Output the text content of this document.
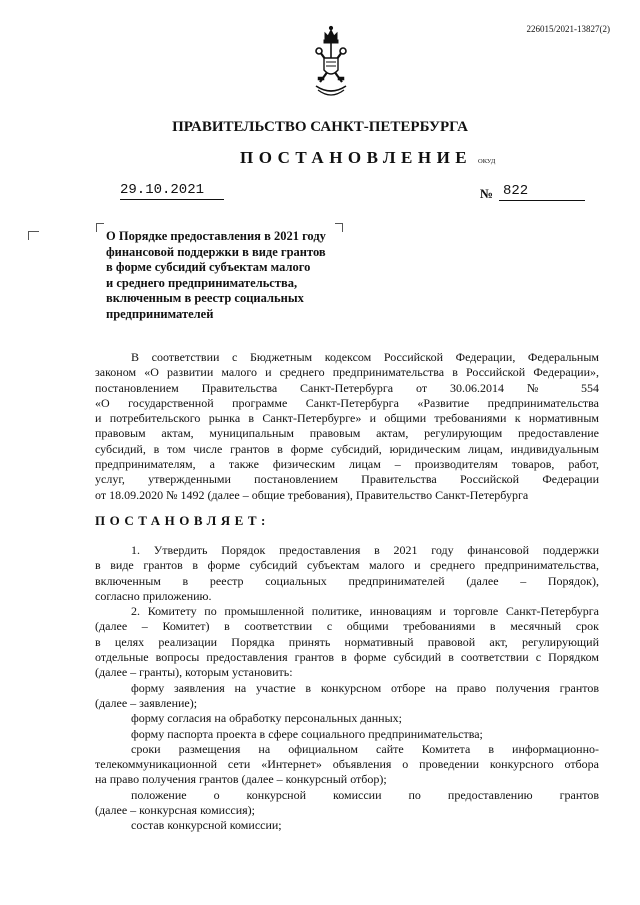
226015/2021-13827(2)
ПРАВИТЕЛЬСТВО САНКТ-ПЕТЕРБУРГА
ПОСТАНОВЛЕНИЕ ОКУД
29.10.2021	№ 822
О Порядке предоставления в 2021 году
финансовой поддержки в виде грантов
в форме субсидий субъектам малого
и среднего предпринимательства,
включенным в реестр социальных
предпринимателей
В соответствии с Бюджетным кодексом Российской Федерации, Федеральным
законом «О развитии малого и среднего предпринимательства в Российской Федерации»,
постановлением Правительства Санкт-Петербурга от 30.06.2014 № 554
«О государственной программе Санкт-Петербурга «Развитие предпринимательства
и потребительского рынка в Санкт-Петербурге» и общими требованиями к нормативным
правовым актам, муниципальным правовым актам, регулирующим предоставление
субсидий, в том числе грантов в форме субсидий, юридическим лицам, индивидуальным
предпринимателям, а также физическим лицам – производителям товаров, работ,
услуг, утвержденными постановлением Правительства Российской Федерации
от 18.09.2020 № 1492 (далее – общие требования), Правительство Санкт-Петербурга
ПОСТАНОВЛЯЕТ:
1. Утвердить Порядок предоставления в 2021 году финансовой поддержки
в виде грантов в форме субсидий субъектам малого и среднего предпринимательства,
включенным в реестр социальных предпринимателей (далее – Порядок),
согласно приложению.
2. Комитету по промышленной политике, инновациям и торговле Санкт-Петербурга
(далее – Комитет) в соответствии с общими требованиями в месячный срок
в целях реализации Порядка принять нормативный правовой акт, регулирующий
отдельные вопросы предоставления грантов в форме субсидий в соответствии с Порядком
(далее – гранты), которым установить:
форму заявления на участие в конкурсном отборе на право получения грантов
(далее – заявление);
форму согласия на обработку персональных данных;
форму паспорта проекта в сфере социального предпринимательства;
сроки размещения на официальном сайте Комитета в информационно-
телекоммуникационной сети «Интернет» объявления о проведении конкурсного отбора
на право получения грантов (далее – конкурсный отбор);
положение о конкурсной комиссии по предоставлению грантов
(далее – конкурсная комиссия);
состав конкурсной комиссии;
